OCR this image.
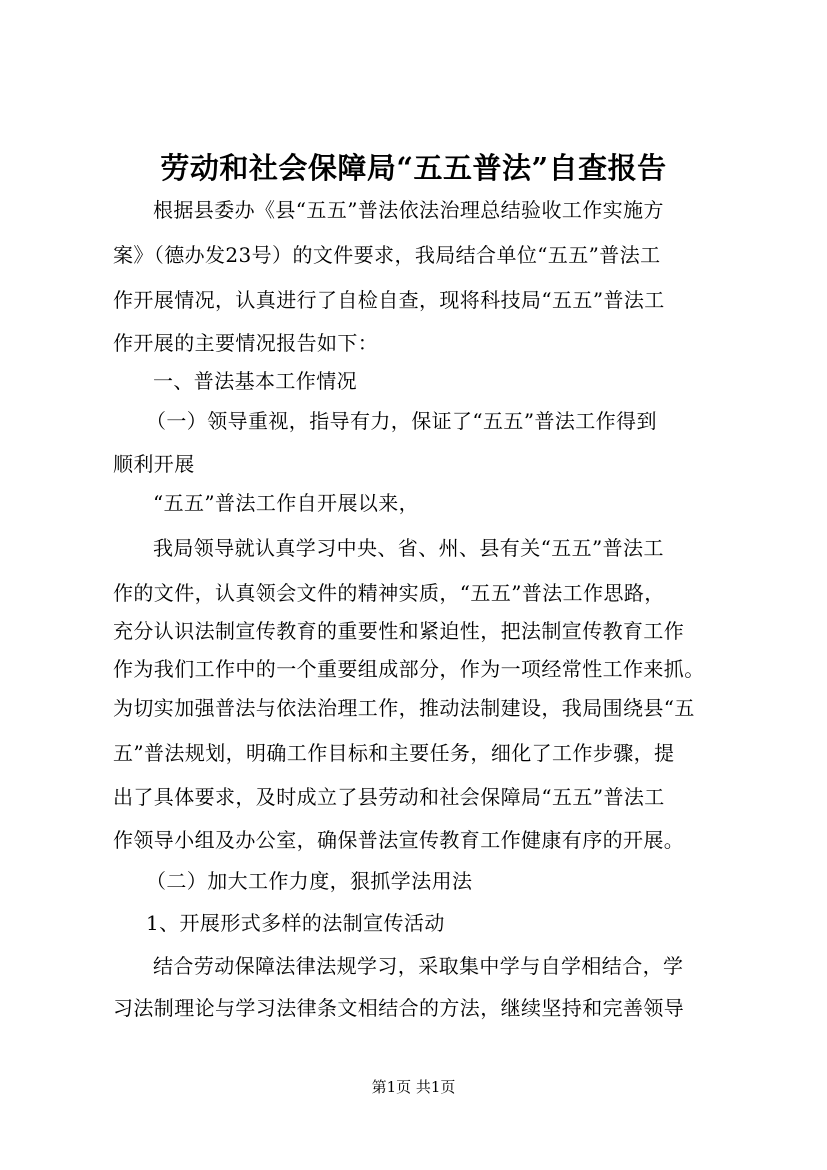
劳动和社会保障局“五五普法”自查报告
根据县委办《县“五五”普法依法治理总结验收工作实施方
案》（德办发23号）的文件要求，我局结合单位“五五”普法工
作开展情况，认真进行了自检自查，现将科技局“五五”普法工
作开展的主要情况报告如下：
一、普法基本工作情况
（一）领导重视，指导有力，保证了“五五”普法工作得到
顺利开展
“五五”普法工作自开展以来，
我局领导就认真学习中央、省、州、县有关“五五”普法工
作的文件，认真领会文件的精神实质，“五五”普法工作思路，
充分认识法制宣传教育的重要性和紧迫性，把法制宣传教育工作
作为我们工作中的一个重要组成部分，作为一项经常性工作来抓。
为切实加强普法与依法治理工作，推动法制建设，我局围绕县“五
五”普法规划，明确工作目标和主要任务，细化了工作步骤，提
出了具体要求，及时成立了县劳动和社会保障局“五五”普法工
作领导小组及办公室，确保普法宣传教育工作健康有序的开展。
（二）加大工作力度，狠抓学法用法
1、开展形式多样的法制宣传活动
结合劳动保障法律法规学习，采取集中学与自学相结合，学
习法制理论与学习法律条文相结合的方法，继续坚持和完善领导
第1页 共1页
